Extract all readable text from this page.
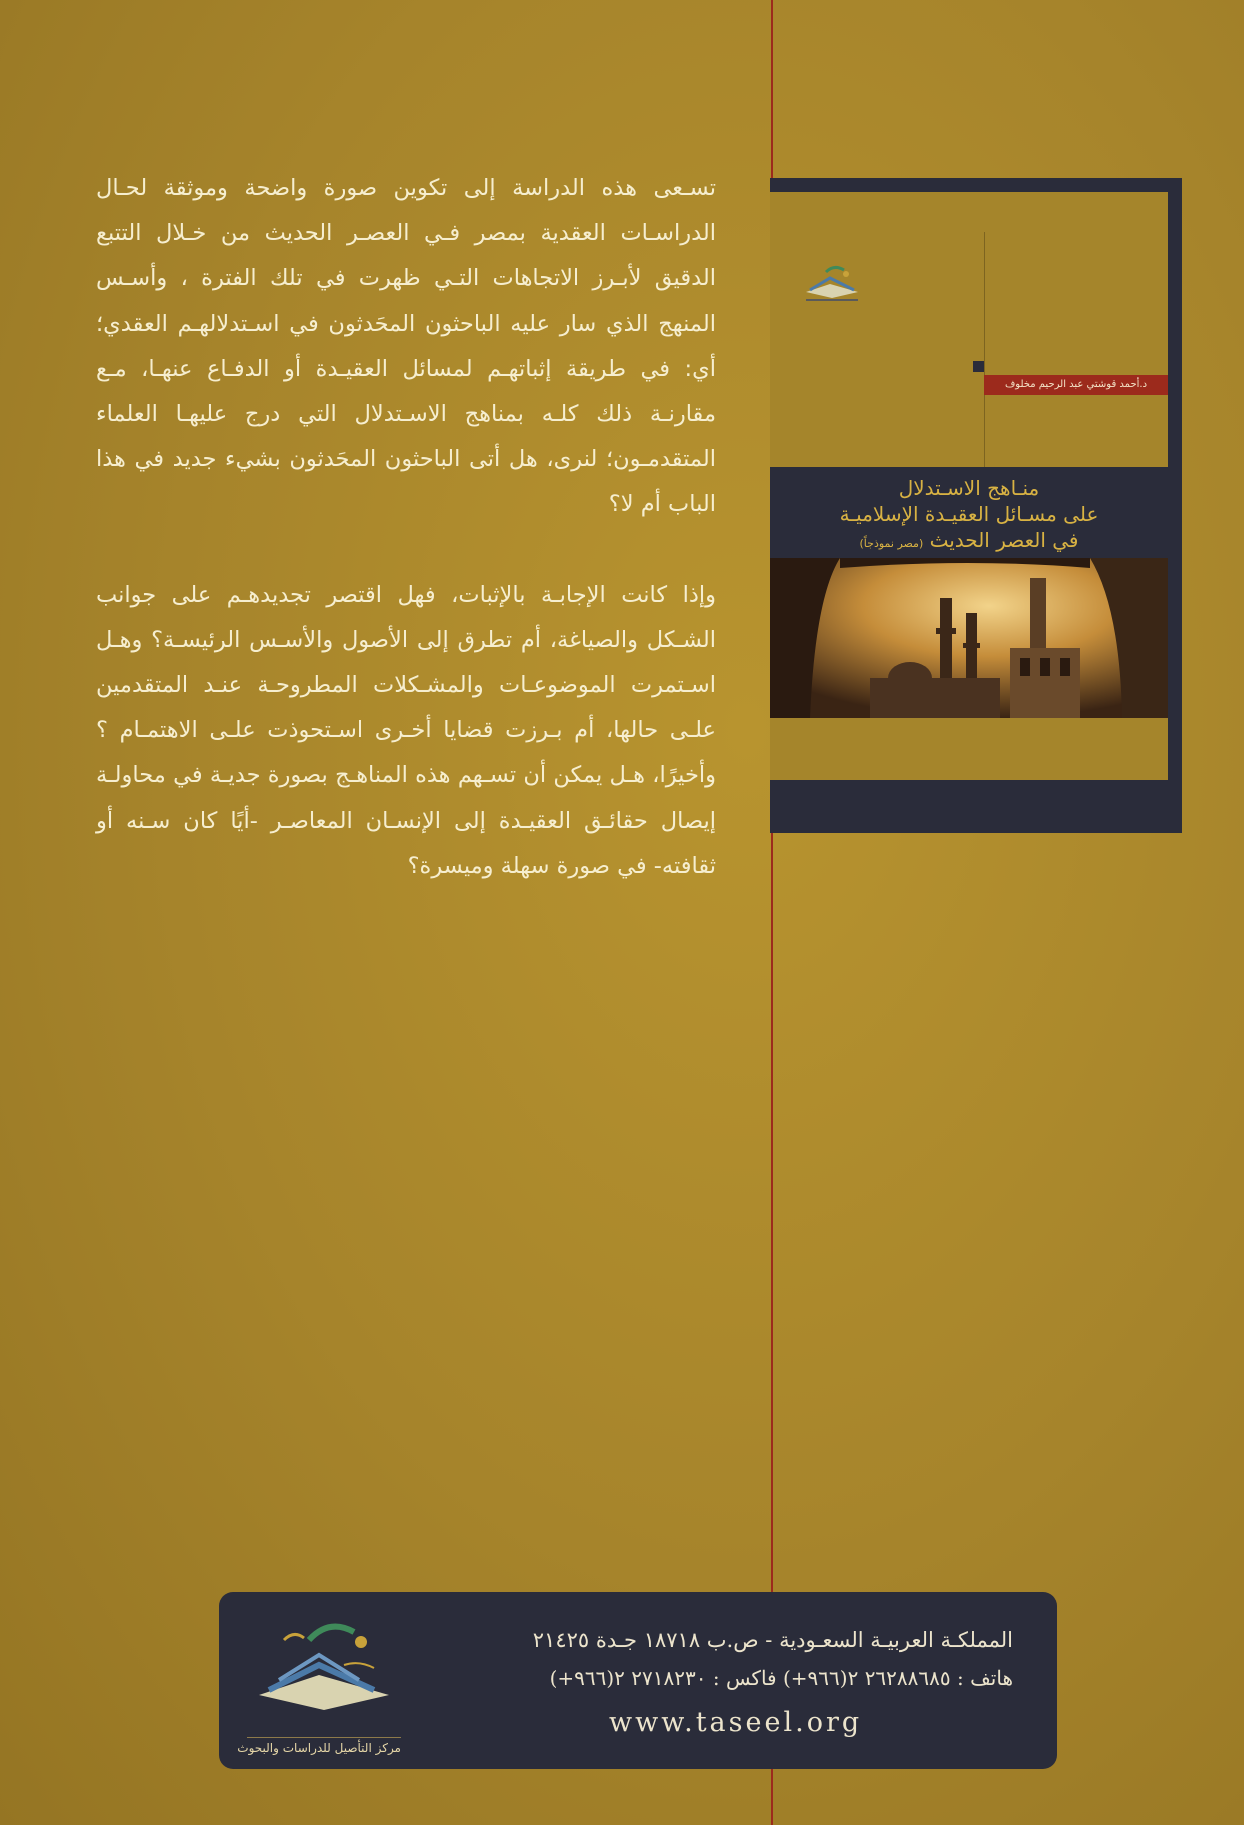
تسـعى هذه الدراسة إلى تكوين صورة واضحة وموثقة لحـال الدراسـات العقدية بمصر فـي العصـر الحديث من خـلال التتبع الدقيق لأبـرز الاتجاهات التـي ظهرت في تلك الفترة ، وأسـس المنهج الذي سار عليه الباحثون المحَدثون في اسـتدلالهـم العقدي؛ أي: في طريقة إثباتهـم لمسائل العقيـدة أو الدفـاع عنهـا، مـع مقارنـة ذلك كلـه بمناهج الاسـتدلال التي درج عليهـا العلماء المتقدمـون؛ لنرى، هل أتى الباحثون المحَدثون بشيء جديد في هذا الباب أم لا؟

وإذا كانت الإجابـة بالإثبات، فهل اقتصر تجديدهـم على جوانب الشـكل والصياغة، أم تطرق إلى الأصول والأسـس الرئيسـة؟ وهـل اسـتمرت الموضوعـات والمشـكلات المطروحـة عنـد المتقدمين علـى حالها، أم بـرزت قضايا أخـرى اسـتحوذت علـى الاهتمـام ؟ وأخيرًا، هـل يمكن أن تسـهم هذه المناهـج بصورة جديـة في محاولـة إيصال حقائـق العقيـدة إلى الإنسـان المعاصـر -أيًا كان سـنه أو ثقافته- في صورة سهلة وميسرة؟

د.أحمد قوشتي عبد الرحيم مخلوف
منـاهج الاسـتدلال
على مسـائل العقيـدة الإسلاميـة
في العصر الحديث (مصر نموذجاً)
المملكـة العربيـة السعـودية - ص.ب ١٨٧١٨ جـدة ٢١٤٢٥
هاتف : ٢٦٢٨٨٦٨٥ ٢(٩٦٦+) فاكس : ٢٧١٨٢٣٠ ٢(٩٦٦+)
www.taseel.org
مركز التأصيل للدراسات والبحوث
